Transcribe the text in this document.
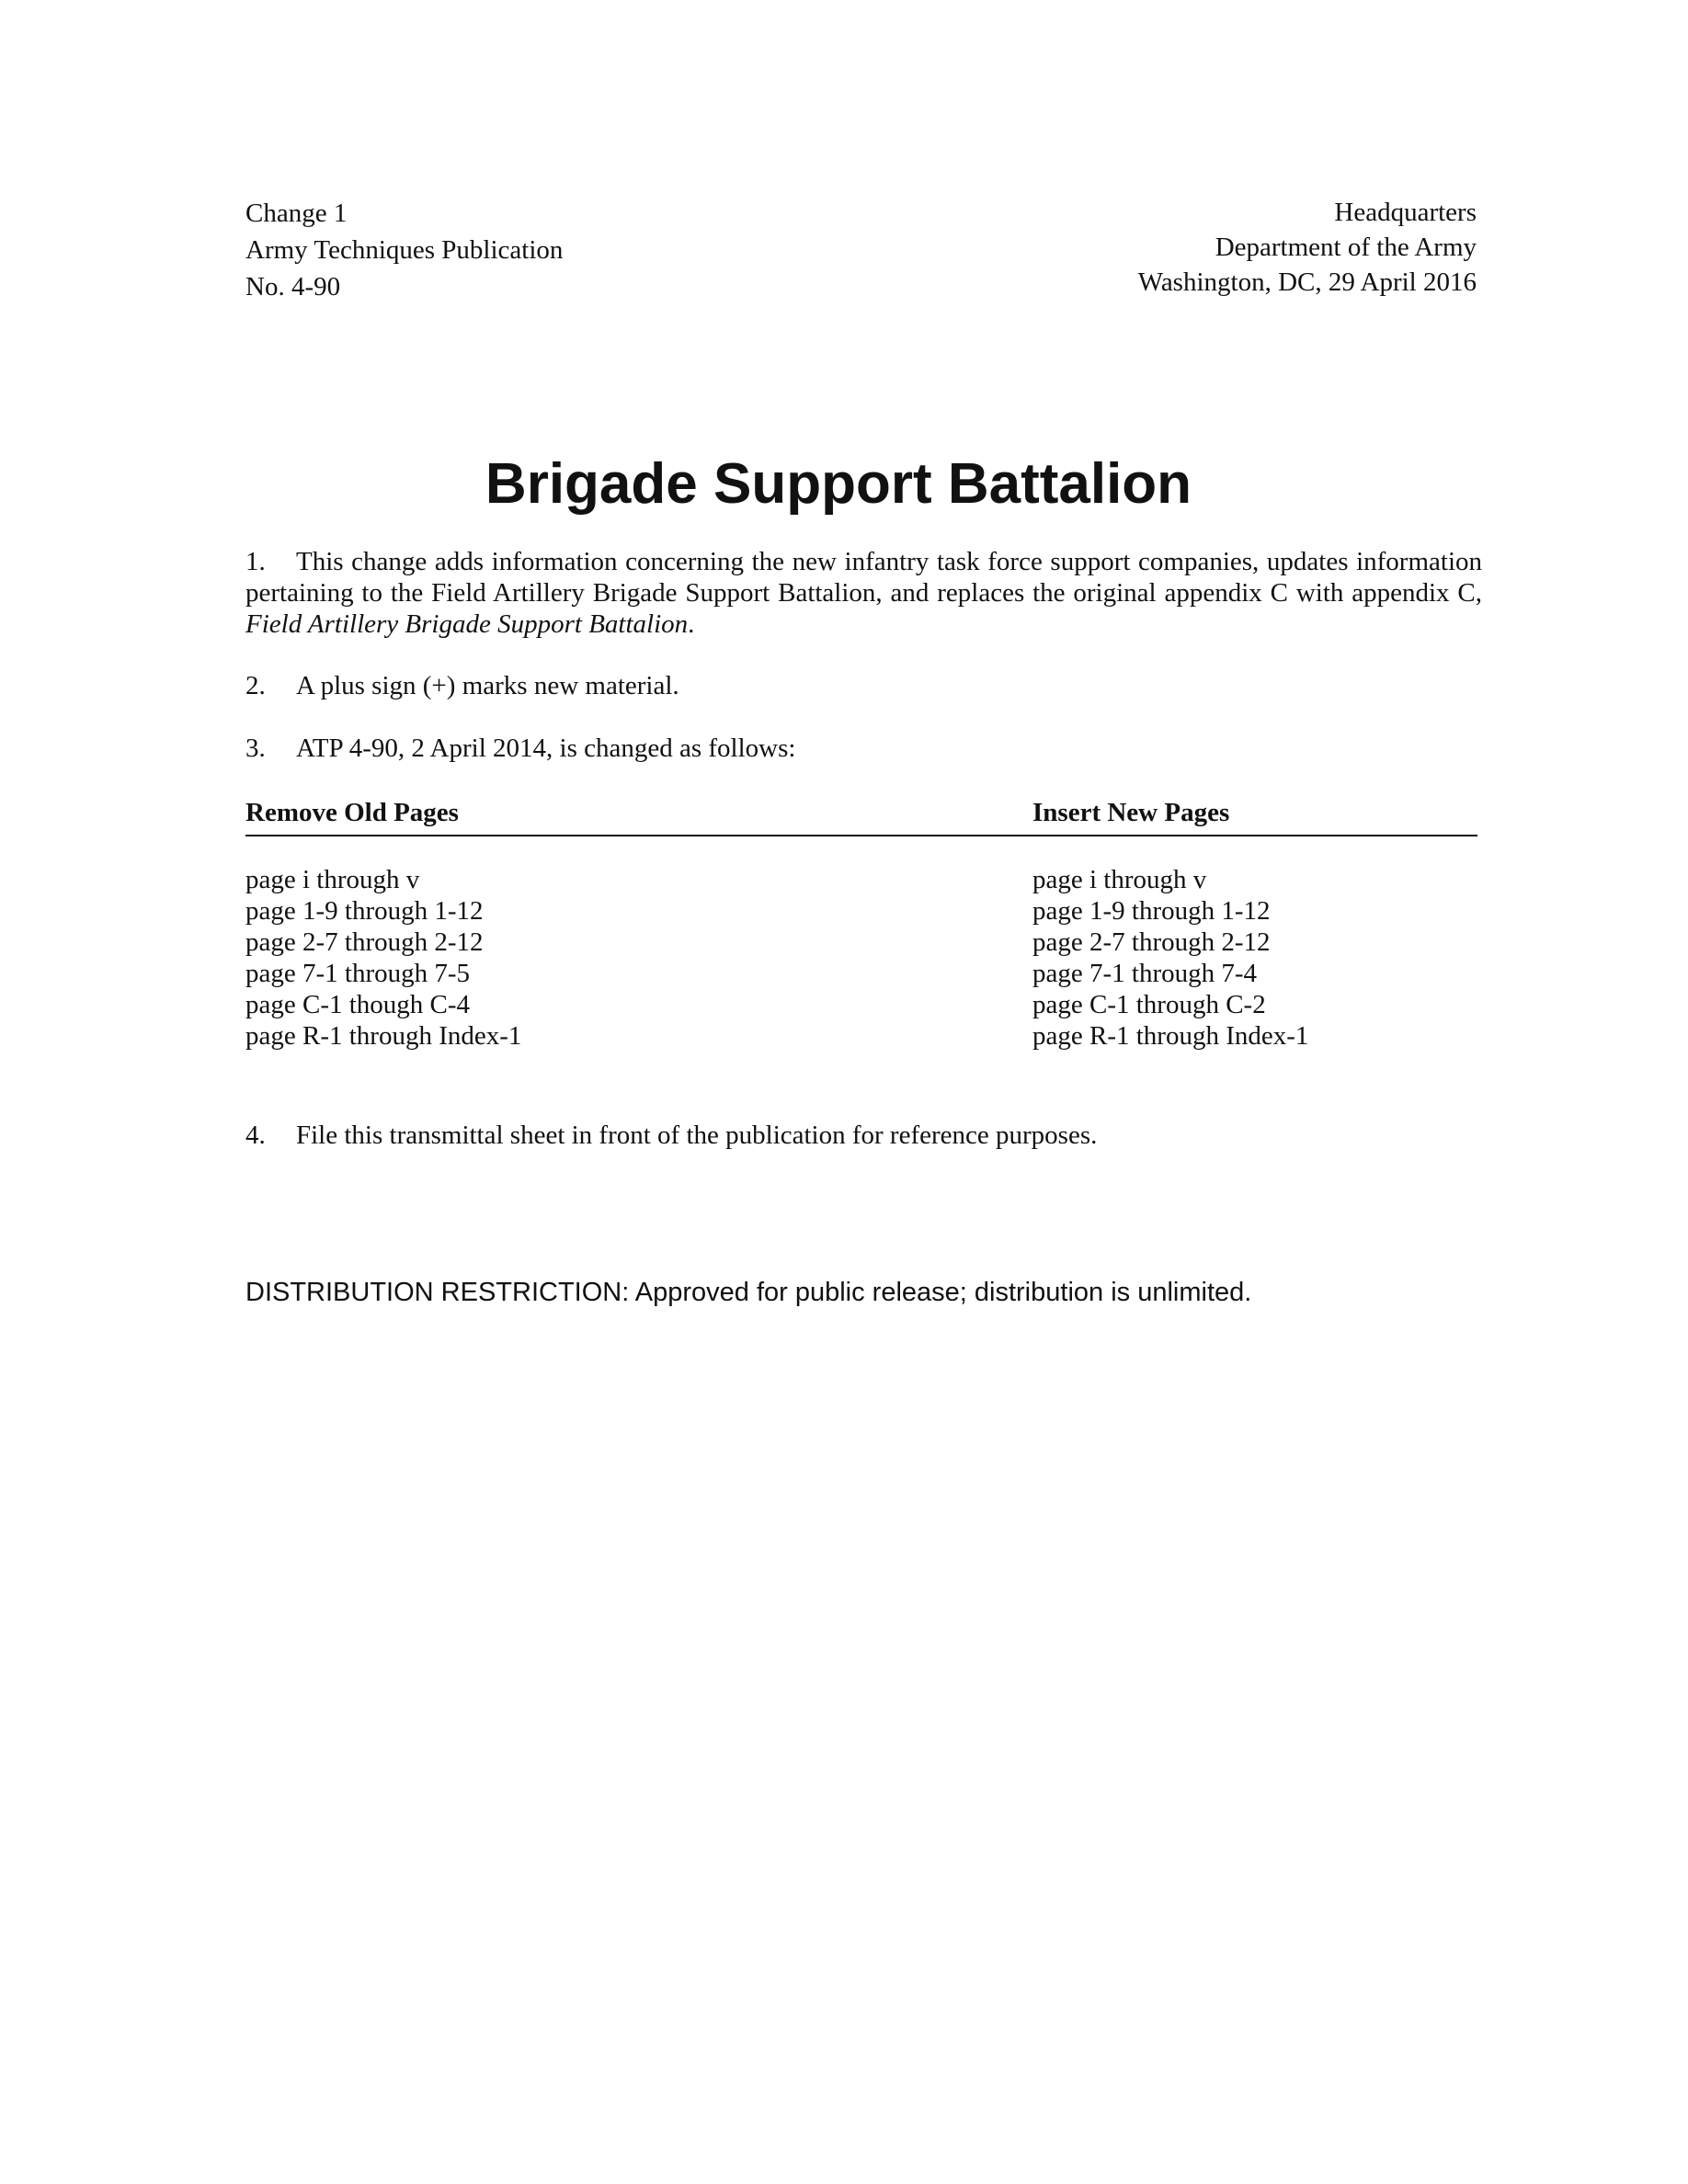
Change 1
Army Techniques Publication
No. 4-90
Headquarters
Department of the Army
Washington, DC, 29 April 2016
Brigade Support Battalion
1. This change adds information concerning the new infantry task force support companies, updates information pertaining to the Field Artillery Brigade Support Battalion, and replaces the original appendix C with appendix C, Field Artillery Brigade Support Battalion.
2. A plus sign (+) marks new material.
3. ATP 4-90, 2 April 2014, is changed as follows:
Remove Old Pages	Insert New Pages
page i through v	page i through v
page 1-9 through 1-12	page 1-9 through 1-12
page 2-7 through 2-12	page 2-7 through 2-12
page 7-1 through 7-5	page 7-1 through 7-4
page C-1 though C-4	page C-1 through C-2
page R-1 through Index-1	page R-1 through Index-1
4. File this transmittal sheet in front of the publication for reference purposes.
DISTRIBUTION RESTRICTION: Approved for public release; distribution is unlimited.
